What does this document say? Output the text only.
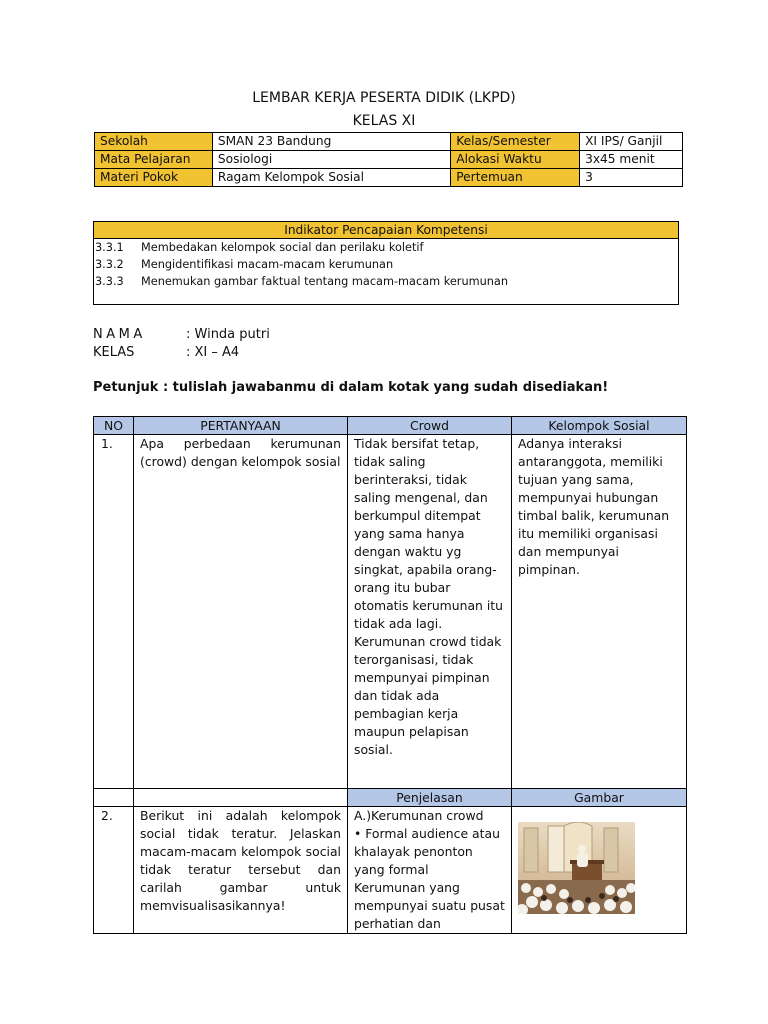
LEMBAR KERJA PESERTA DIDIK (LKPD)
KELAS XI
Sekolah	SMAN 23 Bandung	Kelas/Semester	XI IPS/ Ganjil
Mata Pelajaran	Sosiologi	Alokasi Waktu	3x45 menit
Materi Pokok	Ragam Kelompok Sosial	Pertemuan	3
Indikator Pencapaian Kompetensi
3.3.1 Membedakan kelompok social dan perilaku koletif
3.3.2 Mengidentifikasi macam-macam kerumunan
3.3.3 Menemukan gambar faktual tentang macam-macam kerumunan
NAMA	: Winda putri
KELAS	: XI – A4
Petunjuk : tulislah jawabanmu di dalam kotak yang sudah disediakan!
NO	PERTANYAAN	Crowd	Kelompok Sosial
1.	Apa perbedaan kerumunan (crowd) dengan kelompok sosial	Tidak bersifat tetap, tidak saling berinteraksi, tidak saling mengenal, dan berkumpul ditempat yang sama hanya dengan waktu yg singkat, apabila orang-orang itu bubar otomatis kerumunan itu tidak ada lagi. Kerumunan crowd tidak terorganisasi, tidak mempunyai pimpinan dan tidak ada pembagian kerja maupun pelapisan sosial.	Adanya interaksi antaranggota, memiliki tujuan yang sama, mempunyai hubungan timbal balik, kerumunan itu memiliki organisasi dan mempunyai pimpinan.
		Penjelasan	Gambar
2.	Berikut ini adalah kelompok social tidak teratur. Jelaskan macam-macam kelompok social tidak teratur tersebut dan carilah gambar untuk memvisualisasikannya!	A.)Kerumunan crowd
• Formal audience atau khalayak penonton yang formal
Kerumunan yang mempunyai suatu pusat perhatian dan
